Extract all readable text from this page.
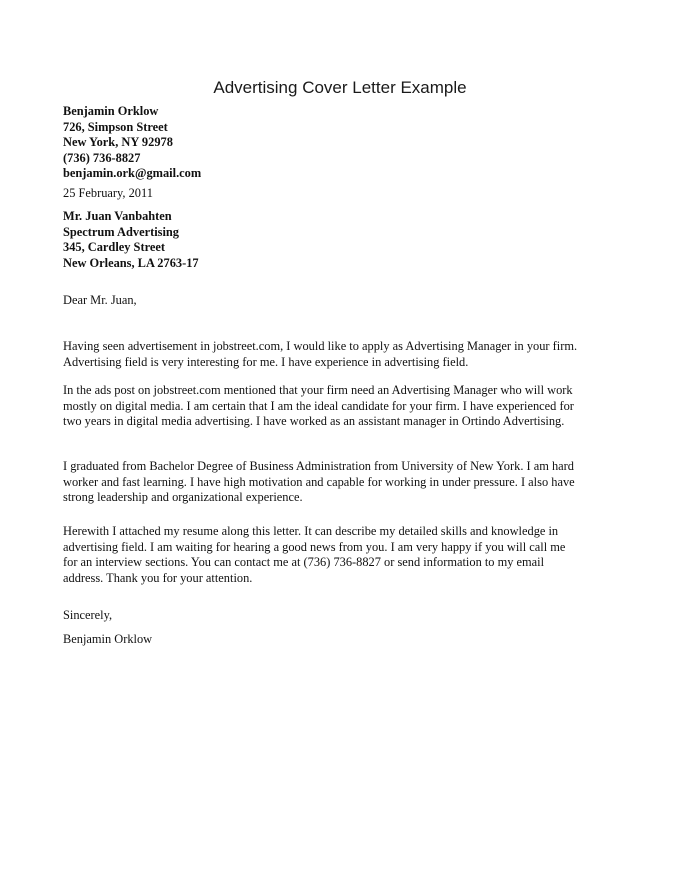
Advertising Cover Letter Example
Benjamin Orklow
726, Simpson Street
New York, NY 92978
(736) 736-8827
benjamin.ork@gmail.com
25 February, 2011
Mr. Juan Vanbahten
Spectrum Advertising
345, Cardley Street
New Orleans, LA 2763-17
Dear Mr. Juan,
Having seen advertisement in jobstreet.com, I would like to apply as Advertising Manager in your firm.
Advertising field is very interesting for me. I have experience in advertising field.
In the ads post on jobstreet.com mentioned that your firm need an Advertising Manager who will work
mostly on digital media. I am certain that I am the ideal candidate for your firm. I have experienced for
two years in digital media advertising. I have worked as an assistant manager in Ortindo Advertising.
I graduated from Bachelor Degree of Business Administration from University of New York. I am hard
worker and fast learning. I have high motivation and capable for working in under pressure. I also have
strong leadership and organizational experience.
Herewith I attached my resume along this letter. It can describe my detailed skills and knowledge in
advertising field. I am waiting for hearing a good news from you. I am very happy if you will call me
for an interview sections. You can contact me at (736) 736-8827 or send information to my email
address. Thank you for your attention.
Sincerely,
Benjamin Orklow
